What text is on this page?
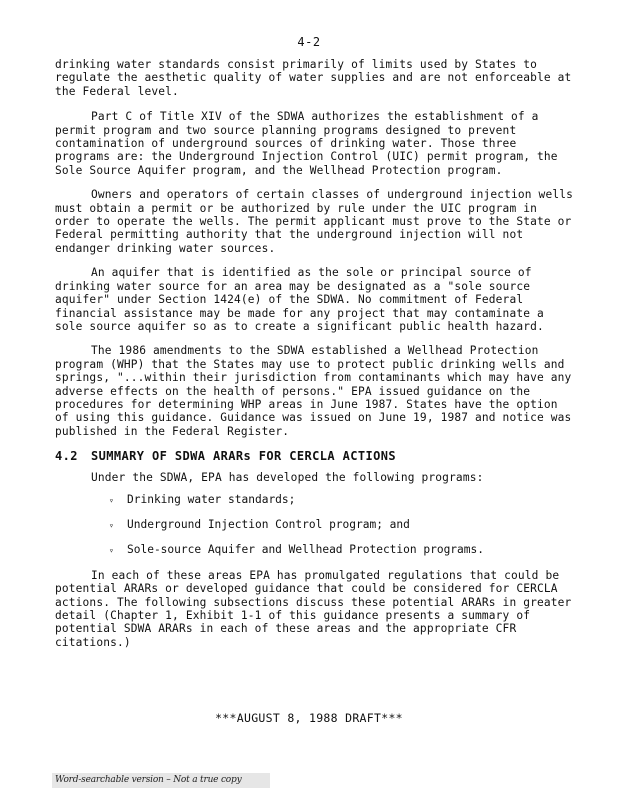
4-2

drinking water standards consist primarily of limits used by States to regulate the aesthetic quality of water supplies and are not enforceable at the Federal level.

Part C of Title XIV of the SDWA authorizes the establishment of a permit program and two source planning programs designed to prevent contamination of underground sources of drinking water. Those three programs are: the Underground Injection Control (UIC) permit program, the Sole Source Aquifer program, and the Wellhead Protection program.

Owners and operators of certain classes of underground injection wells must obtain a permit or be authorized by rule under the UIC program in order to operate the wells. The permit applicant must prove to the State or Federal permitting authority that the underground injection will not endanger drinking water sources.

An aquifer that is identified as the sole or principal source of drinking water source for an area may be designated as a "sole source aquifer" under Section 1424(e) of the SDWA. No commitment of Federal financial assistance may be made for any project that may contaminate a sole source aquifer so as to create a significant public health hazard.

The 1986 amendments to the SDWA established a Wellhead Protection program (WHP) that the States may use to protect public drinking wells and springs, "...within their jurisdiction from contaminants which may have any adverse effects on the health of persons." EPA issued guidance on the procedures for determining WHP areas in June 1987. States have the option of using this guidance. Guidance was issued on June 19, 1987 and notice was published in the Federal Register.

4.2 SUMMARY OF SDWA ARARs FOR CERCLA ACTIONS

Under the SDWA, EPA has developed the following programs:

▿ Drinking water standards;
▿ Underground Injection Control program; and
▿ Sole-source Aquifer and Wellhead Protection programs.

In each of these areas EPA has promulgated regulations that could be potential ARARs or developed guidance that could be considered for CERCLA actions. The following subsections discuss these potential ARARs in greater detail (Chapter 1, Exhibit 1-1 of this guidance presents a summary of potential SDWA ARARs in each of these areas and the appropriate CFR citations.)

***AUGUST 8, 1988 DRAFT***
Word-searchable version – Not a true copy
